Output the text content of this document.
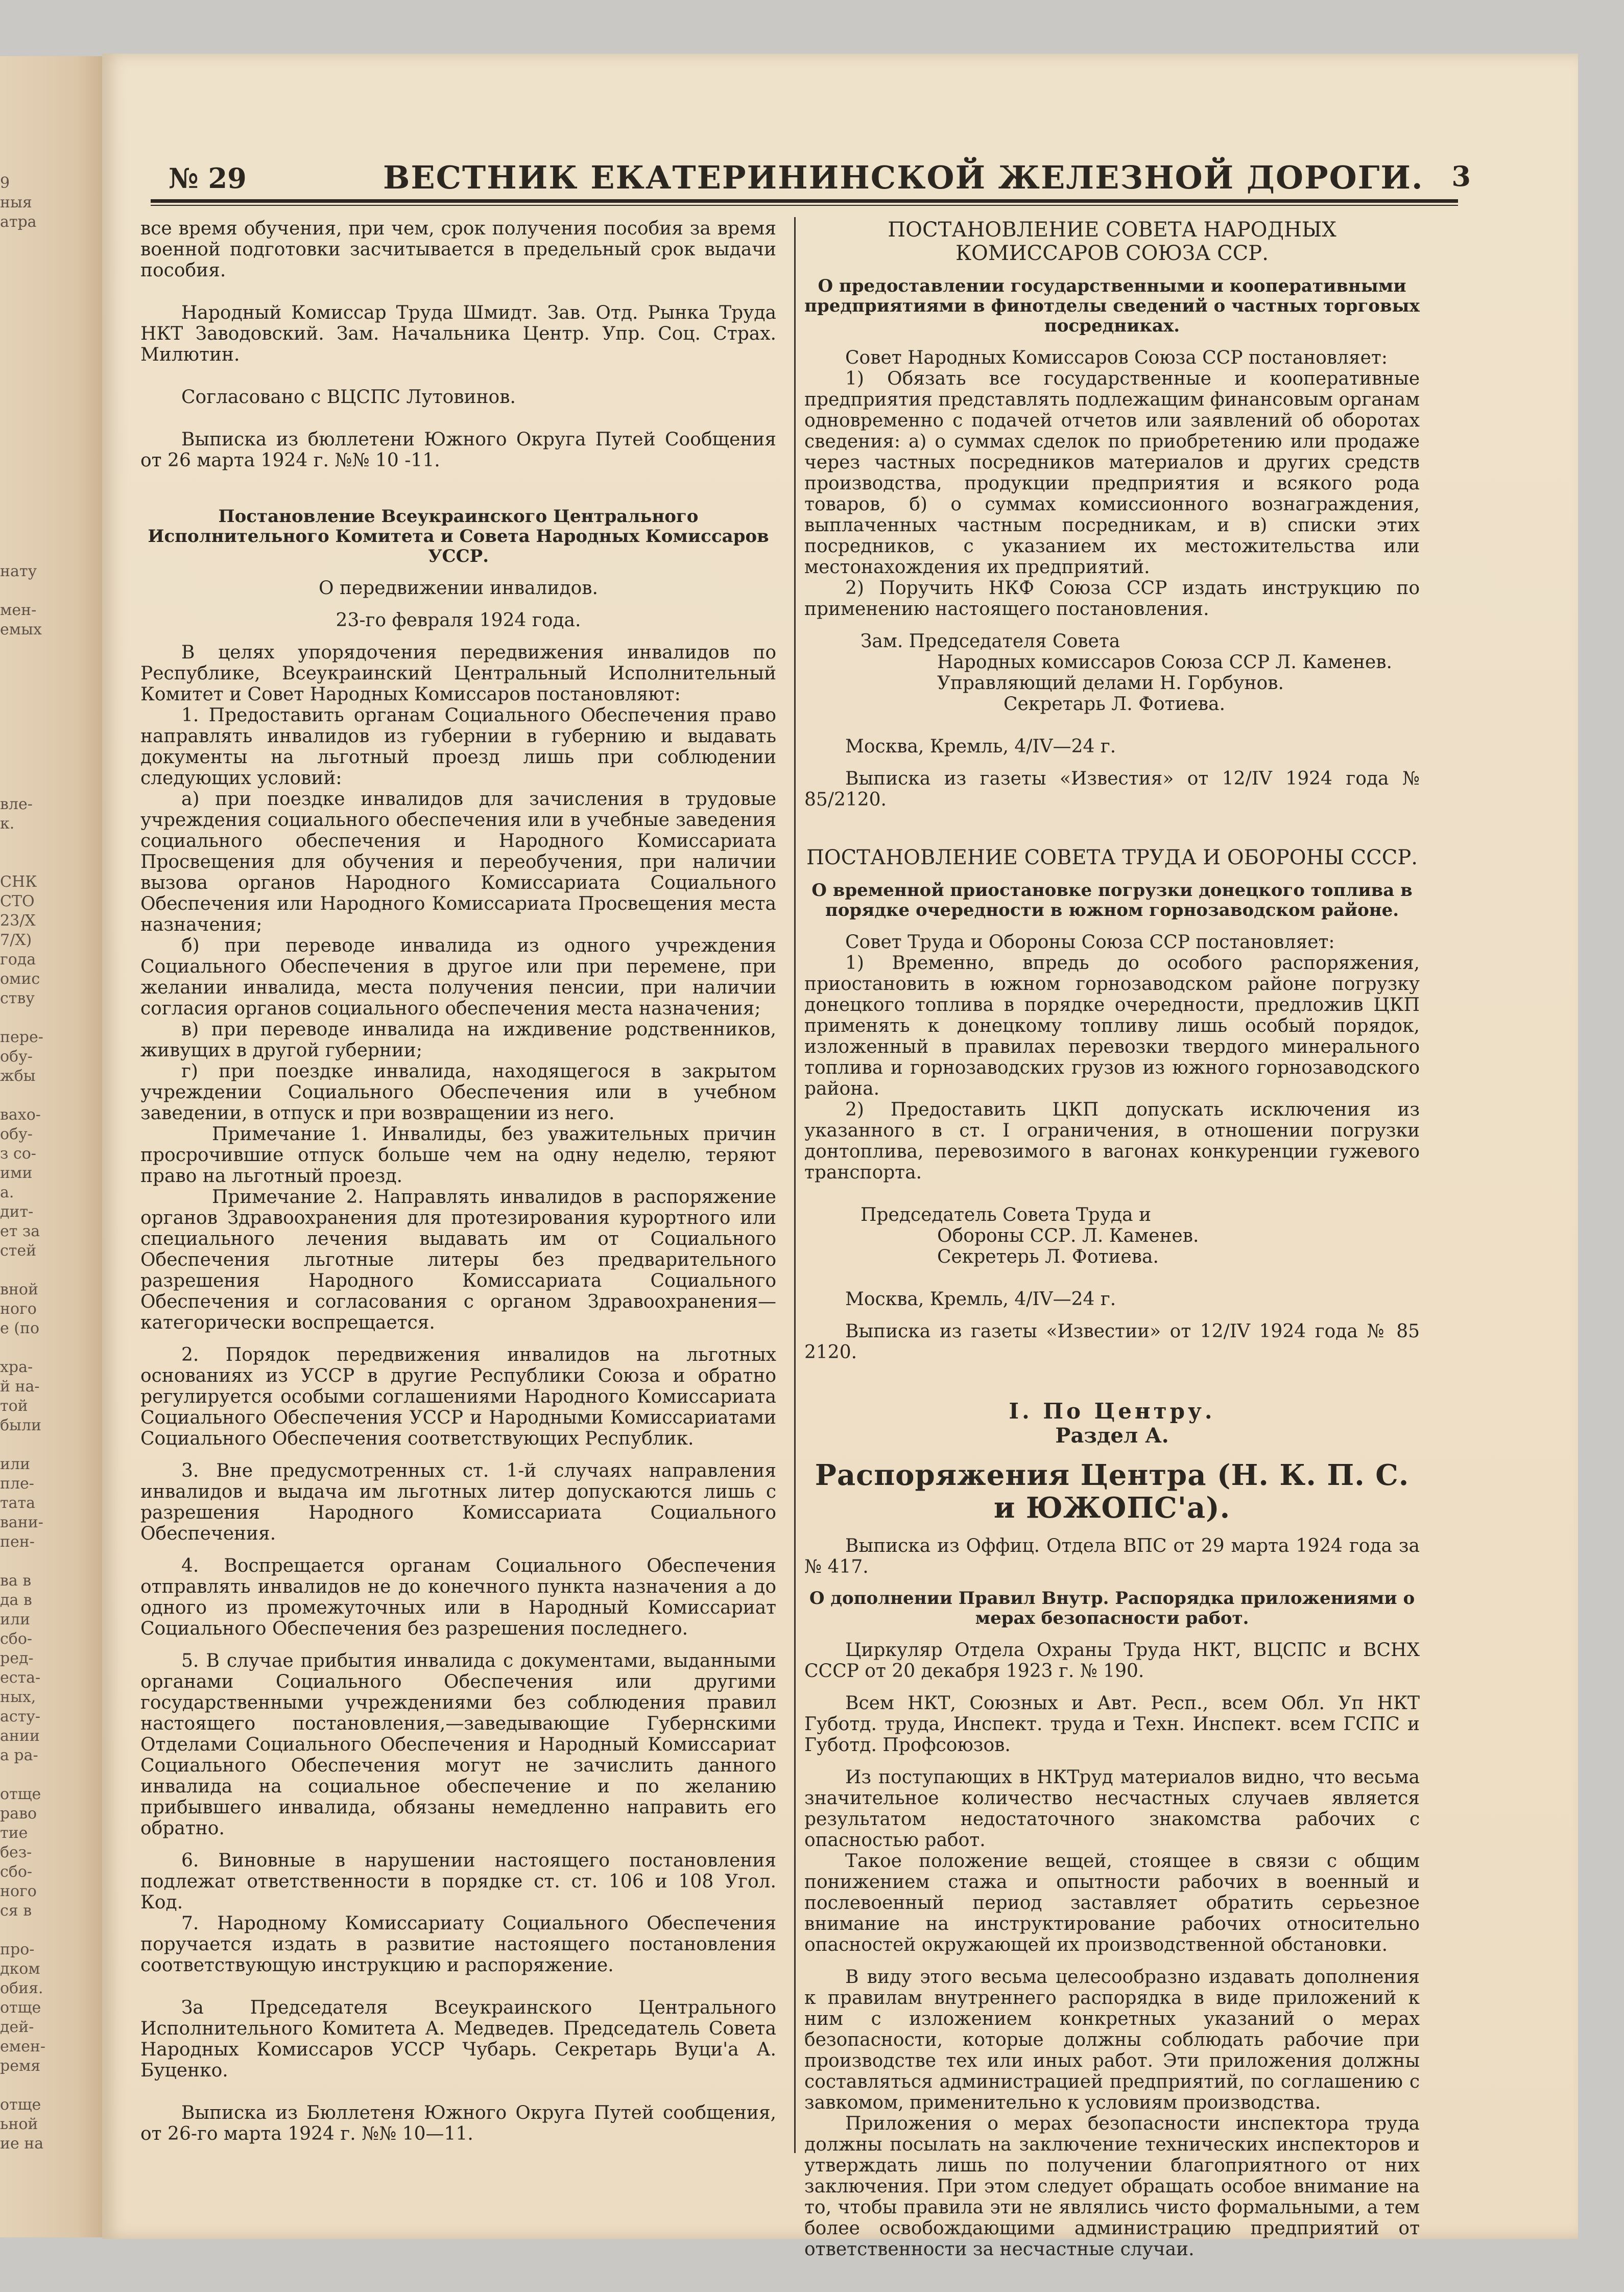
9
ныя
атра
нату
мен-
емых
вле-
к.
СНК
СТО
23/X
7/X)
года
омис
ству
пере-
обу-
жбы
вахо-
обу-
з со-
ими
а.
дит-
ет за
стей
вной
ного
е (по
хра-
й на-
той
были
или
пле-
тата
вани-
пен-
ва в
да в
или
сбо-
ред-
еста-
ных,
асту-
ании
а ра-
отще
раво
тие
без-
сбо-
ного
ся в
про-
дком
обия.
отще
дей-
емен-
ремя
отще
ьной
ие на
№ 29	ВЕСТНИК ЕКАТЕРИНИНСКОЙ ЖЕЛЕЗНОЙ ДОРОГИ. 3

все время обучения, при чем, срок получения пособия за время военной подготовки засчитывается в предельный срок выдачи пособия.

Народный Комиссар Труда Шмидт. Зав. Отд. Рынка Труда НКТ Заводовский. Зам. Начальника Центр. Упр. Соц. Страх. Милютин.

Согласовано с ВЦСПС Лутовинов.

Выписка из бюллетени Южного Округа Путей Сообщения от 26 марта 1924 г. №№ 10 -11.

Постановление Всеукраинского Центрального Исполнительного Комитета и Совета Народных Комиссаров УССР.

О передвижении инвалидов.

23-го февраля 1924 года.

В целях упорядочения передвижения инвалидов по Республике, Всеукраинский Центральный Исполнительный Комитет и Совет Народных Комиссаров постановляют:

1. Предоставить органам Социального Обеспечения право направлять инвалидов из губернии в губернию и выдавать документы на льготный проезд лишь при соблюдении следующих условий:

а) при поездке инвалидов для зачисления в трудовые учреждения социального обеспечения или в учебные заведения социального обеспечения и Народного Комиссариата Просвещения для обучения и переобучения, при наличии вызова органов Народного Комиссариата Социального Обеспечения или Народного Комиссариата Просвещения места назначения;

б) при переводе инвалида из одного учреждения Социального Обеспечения в другое или при перемене, при желании инвалида, места получения пенсии, при наличии согласия органов социального обеспечения места назначения;

в) при переводе инвалида на иждивение родственников, живущих в другой губернии;

г) при поездке инвалида, находящегося в закрытом учреждении Социального Обеспечения или в учебном заведении, в отпуск и при возвращении из него.

Примечание 1. Инвалиды, без уважительных причин просрочившие отпуск больше чем на одну неделю, теряют право на льготный проезд.

Примечание 2. Направлять инвалидов в распоряжение органов Здравоохранения для протезирования курортного или специального лечения выдавать им от Социального Обеспечения льготные литеры без предварительного разрешения Народного Комиссариата Социального Обеспечения и согласования с органом Здравоохранения—категорически воспрещается.

2. Порядок передвижения инвалидов на льготных основаниях из УССР в другие Республики Союза и обратно регулируется особыми соглашениями Народного Комиссариата Социального Обеспечения УССР и Народными Комиссариатами Социального Обеспечения соответствующих Республик.

3. Вне предусмотренных ст. 1-й случаях направления инвалидов и выдача им льготных литер допускаются лишь с разрешения Народного Комиссариата Социального Обеспечения.

4. Воспрещается органам Социального Обеспечения отправлять инвалидов не до конечного пункта назначения а до одного из промежуточных или в Народный Комиссариат Социального Обеспечения без разрешения последнего.

5. В случае прибытия инвалида с документами, выданными органами Социального Обеспечения или другими государственными учреждениями без соблюдения правил настоящего постановления,—заведывающие Губернскими Отделами Социального Обеспечения и Народный Комиссариат Социального Обеспечения могут не зачислить данного инвалида на социальное обеспечение и по желанию прибывшего инвалида, обязаны немедленно направить его обратно.

6. Виновные в нарушении настоящего постановления подлежат ответственности в порядке ст. ст. 106 и 108 Угол. Код.

7. Народному Комиссариату Социального Обеспечения поручается издать в развитие настоящего постановления соответствующую инструкцию и распоряжение.

За Председателя Всеукраинского Центрального Исполнительного Комитета А. Медведев. Председатель Совета Народных Комиссаров УССР Чубарь. Секретарь Вуци'а А. Буценко.

Выписка из Бюллетеня Южного Округа Путей сообщения, от 26-го марта 1924 г. №№ 10—11.

ПОСТАНОВЛЕНИЕ СОВЕТА НАРОДНЫХ КОМИССАРОВ СОЮЗА ССР.

О предоставлении государственными и кооперативными предприятиями в финотделы сведений о частных торговых посредниках.

Совет Народных Комиссаров Союза ССР постановляет:

1) Обязать все государственные и кооперативные предприятия представлять подлежащим финансовым органам одновременно с подачей отчетов или заявлений об оборотах сведения: а) о суммах сделок по приобретению или продаже через частных посредников материалов и других средств производства, продукции предприятия и всякого рода товаров, б) о суммах комиссионного вознаграждения, выплаченных частным посредникам, и в) списки этих посредников, с указанием их местожительства или местонахождения их предприятий.

2) Поручить НКФ Союза ССР издать инструкцию по применению настоящего постановления.

Зам. Председателя Совета

Народных комиссаров Союза ССР Л. Каменев.

Управляющий делами Н. Горбунов.

Секретарь Л. Фотиева.

Москва, Кремль, 4/IV—24 г.

Выписка из газеты «Известия» от 12/IV 1924 года № 85/2120.

ПОСТАНОВЛЕНИЕ СОВЕТА ТРУДА И ОБОРОНЫ СССР.

О временной приостановке погрузки донецкого топлива в порядке очередности в южном горнозаводском районе.

Совет Труда и Обороны Союза ССР постановляет:

1) Временно, впредь до особого распоряжения, приостановить в южном горнозаводском районе погрузку донецкого топлива в порядке очередности, предложив ЦКП применять к донецкому топливу лишь особый порядок, изложенный в правилах перевозки твердого минерального топлива и горнозаводских грузов из южного горнозаводского района.

2) Предоставить ЦКП допускать исключения из указанного в ст. I ограничения, в отношении погрузки донтоплива, перевозимого в вагонах конкуренции гужевого транспорта.

Председатель Совета Труда и

Обороны ССР. Л. Каменев.

Секретерь Л. Фотиева.

Москва, Кремль, 4/IV—24 г.

Выписка из газеты «Известии» от 12/IV 1924 года № 85 2120.

I. По Центру.

Раздел А.

Распоряжения Центра (Н. К. П. С. и ЮЖОПС'а).

Выписка из Оффиц. Отдела ВПС от 29 марта 1924 года за № 417.

О дополнении Правил Внутр. Распорядка приложениями о мерах безопасности работ.

Циркуляр Отдела Охраны Труда НКТ, ВЦСПС и ВСНХ СССР от 20 декабря 1923 г. № 190.

Всем НКТ, Союзных и Авт. Респ., всем Обл. Уп НКТ Губотд. труда, Инспект. труда и Техн. Инспект. всем ГСПС и Губотд. Профсоюзов.

Из поступающих в НКТруд материалов видно, что весьма значительное количество несчастных случаев является результатом недостаточного знакомства рабочих с опасностью работ.

Такое положение вещей, стоящее в связи с общим понижением стажа и опытности рабочих в военный и послевоенный период заставляет обратить серьезное внимание на инструктирование рабочих относительно опасностей окружающей их производственной обстановки.

В виду этого весьма целесообразно издавать дополнения к правилам внутреннего распорядка в виде приложений к ним с изложением конкретных указаний о мерах безопасности, которые должны соблюдать рабочие при производстве тех или иных работ. Эти приложения должны составляться администрацией предприятий, по соглашению с завкомом, применительно к условиям производства.

Приложения о мерах безопасности инспектора труда должны посылать на заключение технических инспекторов и утверждать лишь по получении благоприятного от них заключения. При этом следует обращать особое внимание на то, чтобы правила эти не являлись чисто формальными, а тем более освобождающими администрацию предприятий от ответственности за несчастные случаи.
